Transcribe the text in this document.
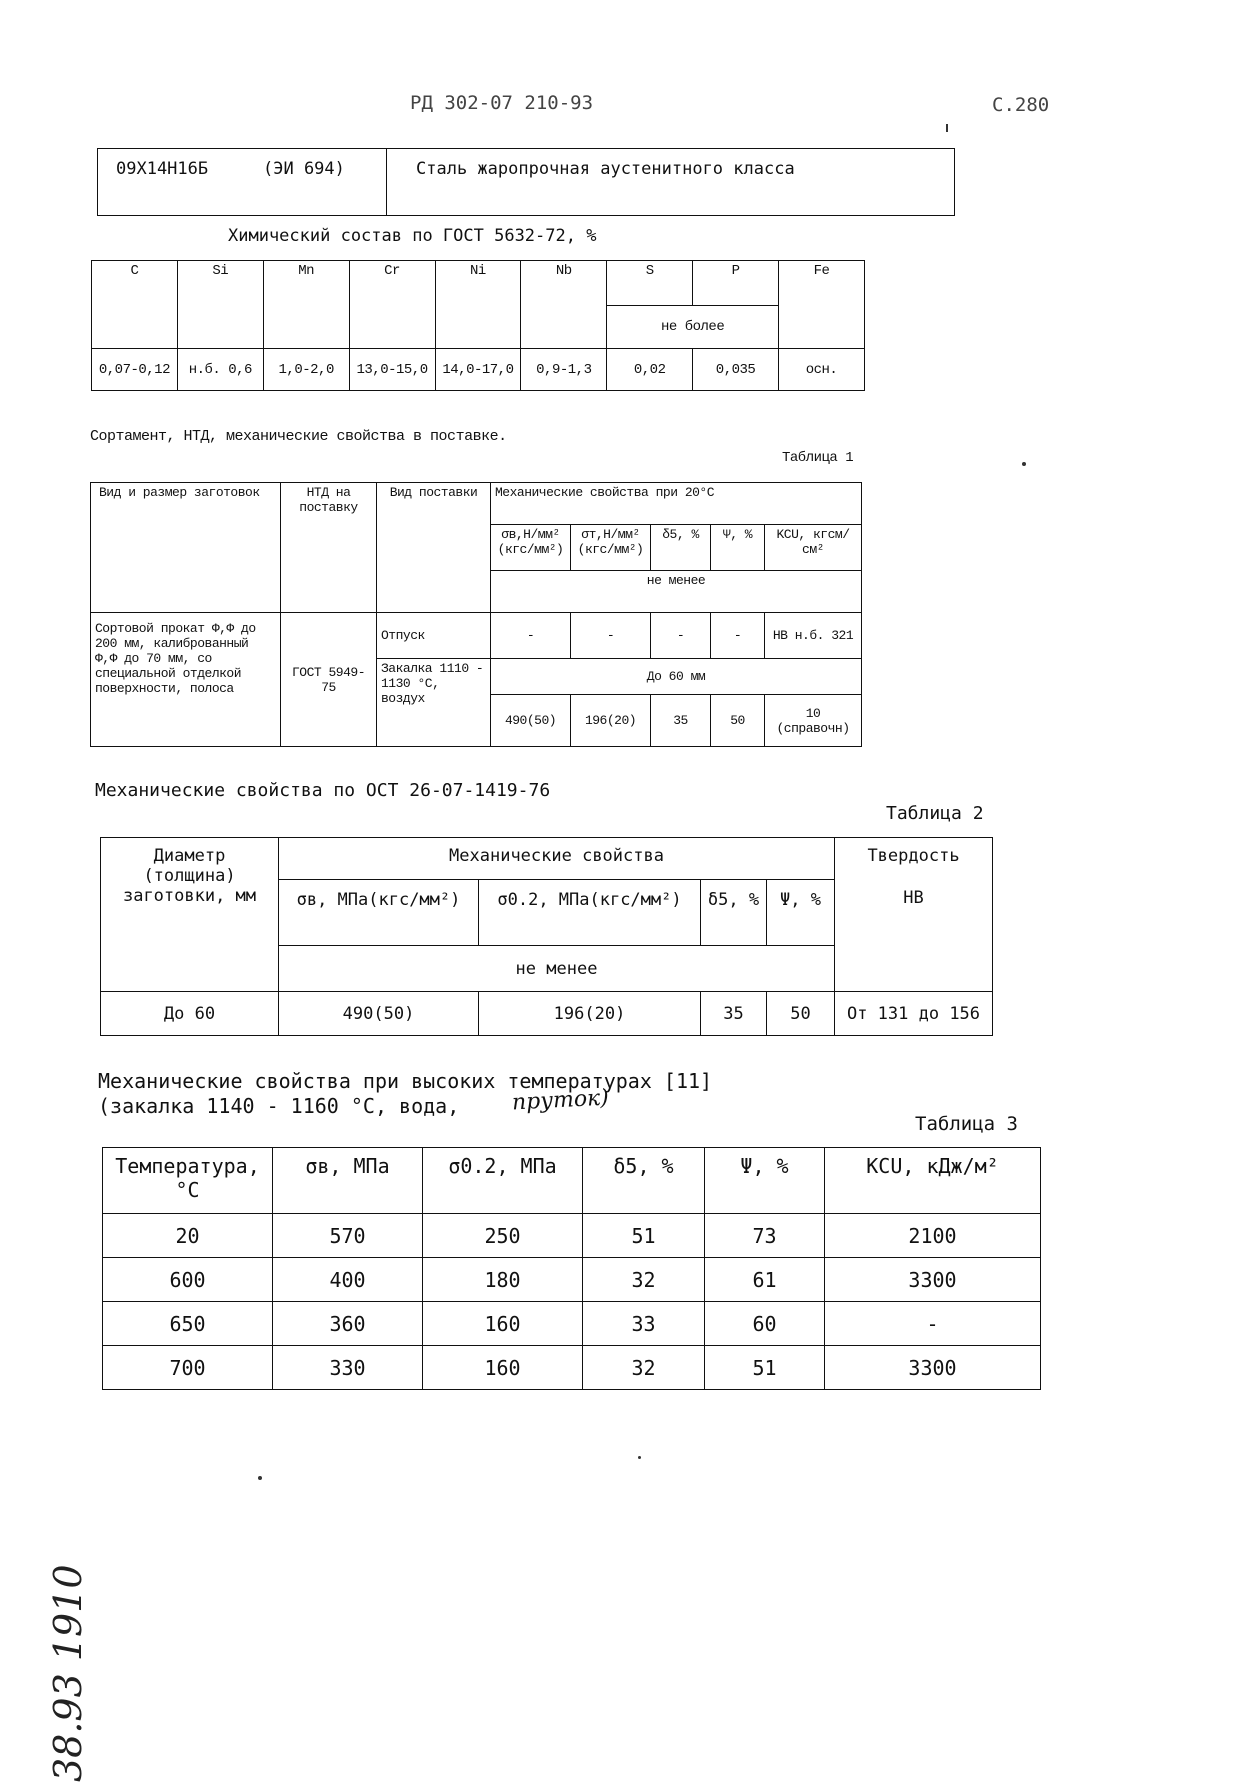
РД 302-07 210-93	С.280
09Х14Н16Б	(ЭИ 694)	Сталь жаропрочная аустенитного класса
Химический состав по ГОСТ 5632-72, %
C	Si	Mn	Cr	Ni	Nb	S	P	Fe
						не более		
0,07-0,12	н.б. 0,6	1,0-2,0	13,0-15,0	14,0-17,0	0,9-1,3	0,02	0,035	осн.
Сортамент, НТД, механические свойства в поставке.
Таблица 1
Вид и размер заготовок	НТД на поставку	Вид поставки	Механические свойства при 20°С				
			σв,Н/мм² (кгс/мм²)	σт,Н/мм² (кгс/мм²)	δ5, %	Ψ, %	KCU, кгсм/см²
			не менее				
Сортовой прокат Ф,Ф до 200 мм, калиброванный Ф,Ф до 70 мм, со специальной отделкой поверхности, полоса	ГОСТ 5949-75	Отпуск	-	-	-	-	НВ н.б. 321
		Закалка 1110 - 1130 °С, воздух	До 60 мм				
			490(50)	196(20)	35	50	10 (справочн)
Механические свойства по ОСТ 26-07-1419-76
Таблица 2
Диаметр (толщина) заготовки, мм	Механические свойства				Твердость
НВ

	σв, МПа(кгс/мм²)	σ0.2, МПа(кгс/мм²)	δ5, %	Ψ, %	
	не менее				
До 60	490(50)	196(20)	35	50	От 131 до 156
Механические свойства при высоких температурах [11]
(закалка 1140 - 1160 °С, вода, пруток)
Таблица 3
Температура, °С	σв, МПа	σ0.2, МПа	δ5, %	Ψ, %	KCU, кДж/м²
20	570	250	51	73	2100
600	400	180	32	61	3300
650	360	160	33	60	-
700	330	160	32	51	3300
38.93 1910
